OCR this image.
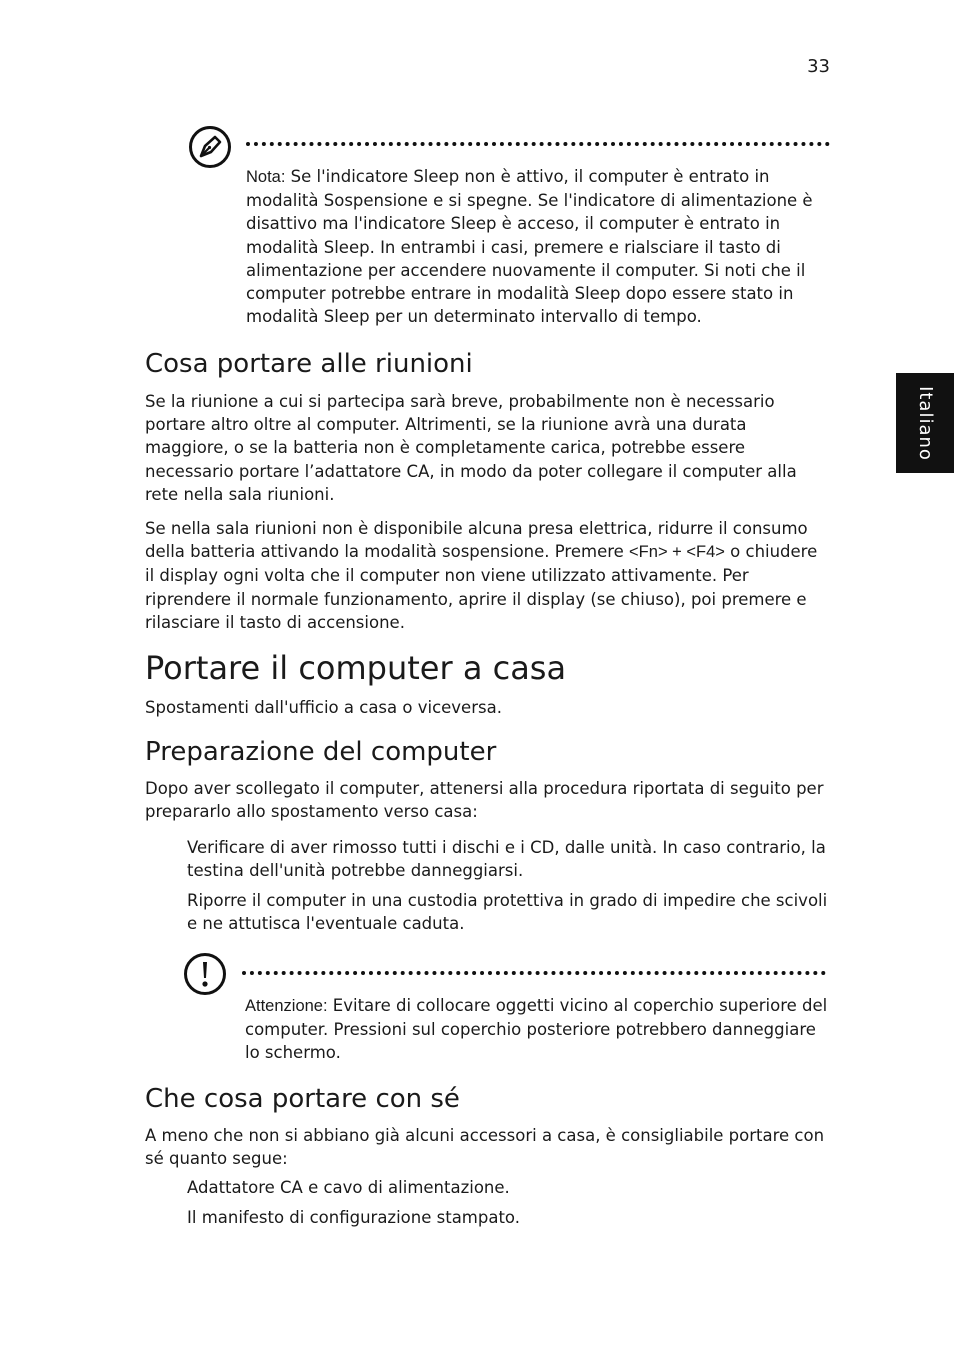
33
Italiano
Nota: Se l'indicatore Sleep non è attivo, il computer è entrato in modalità Sospensione e si spegne. Se l'indicatore di alimentazione è disattivo ma l'indicatore Sleep è acceso, il computer è entrato in modalità Sleep. In entrambi i casi, premere e rialsciare il tasto di alimentazione per accendere nuovamente il computer. Si noti che il computer potrebbe entrare in modalità Sleep dopo essere stato in modalità Sleep per un determinato intervallo di tempo.
Cosa portare alle riunioni

Se la riunione a cui si partecipa sarà breve, probabilmente non è necessario portare altro oltre al computer. Altrimenti, se la riunione avrà una durata maggiore, o se la batteria non è completamente carica, potrebbe essere necessario portare l’adattatore CA, in modo da poter collegare il computer alla rete nella sala riunioni.

Se nella sala riunioni non è disponibile alcuna presa elettrica, ridurre il consumo della batteria attivando la modalità sospensione. Premere <Fn> + <F4> o chiudere il display ogni volta che il computer non viene utilizzato attivamente. Per riprendere il normale funzionamento, aprire il display (se chiuso), poi premere e rilasciare il tasto di accensione.

Portare il computer a casa

Spostamenti dall'ufficio a casa o viceversa.

Preparazione del computer

Dopo aver scollegato il computer, attenersi alla procedura riportata di seguito per prepararlo allo spostamento verso casa:

Verificare di aver rimosso tutti i dischi e i CD, dalle unità. In caso contrario, la testina dell'unità potrebbe danneggiarsi.
Riporre il computer in una custodia protettiva in grado di impedire che scivoli e ne attutisca l'eventuale caduta.
Attenzione: Evitare di collocare oggetti vicino al coperchio superiore del computer. Pressioni sul coperchio posteriore potrebbero danneggiare lo schermo.
Che cosa portare con sé

A meno che non si abbiano già alcuni accessori a casa, è consigliabile portare con sé quanto segue:

Adattatore CA e cavo di alimentazione.
Il manifesto di configurazione stampato.
